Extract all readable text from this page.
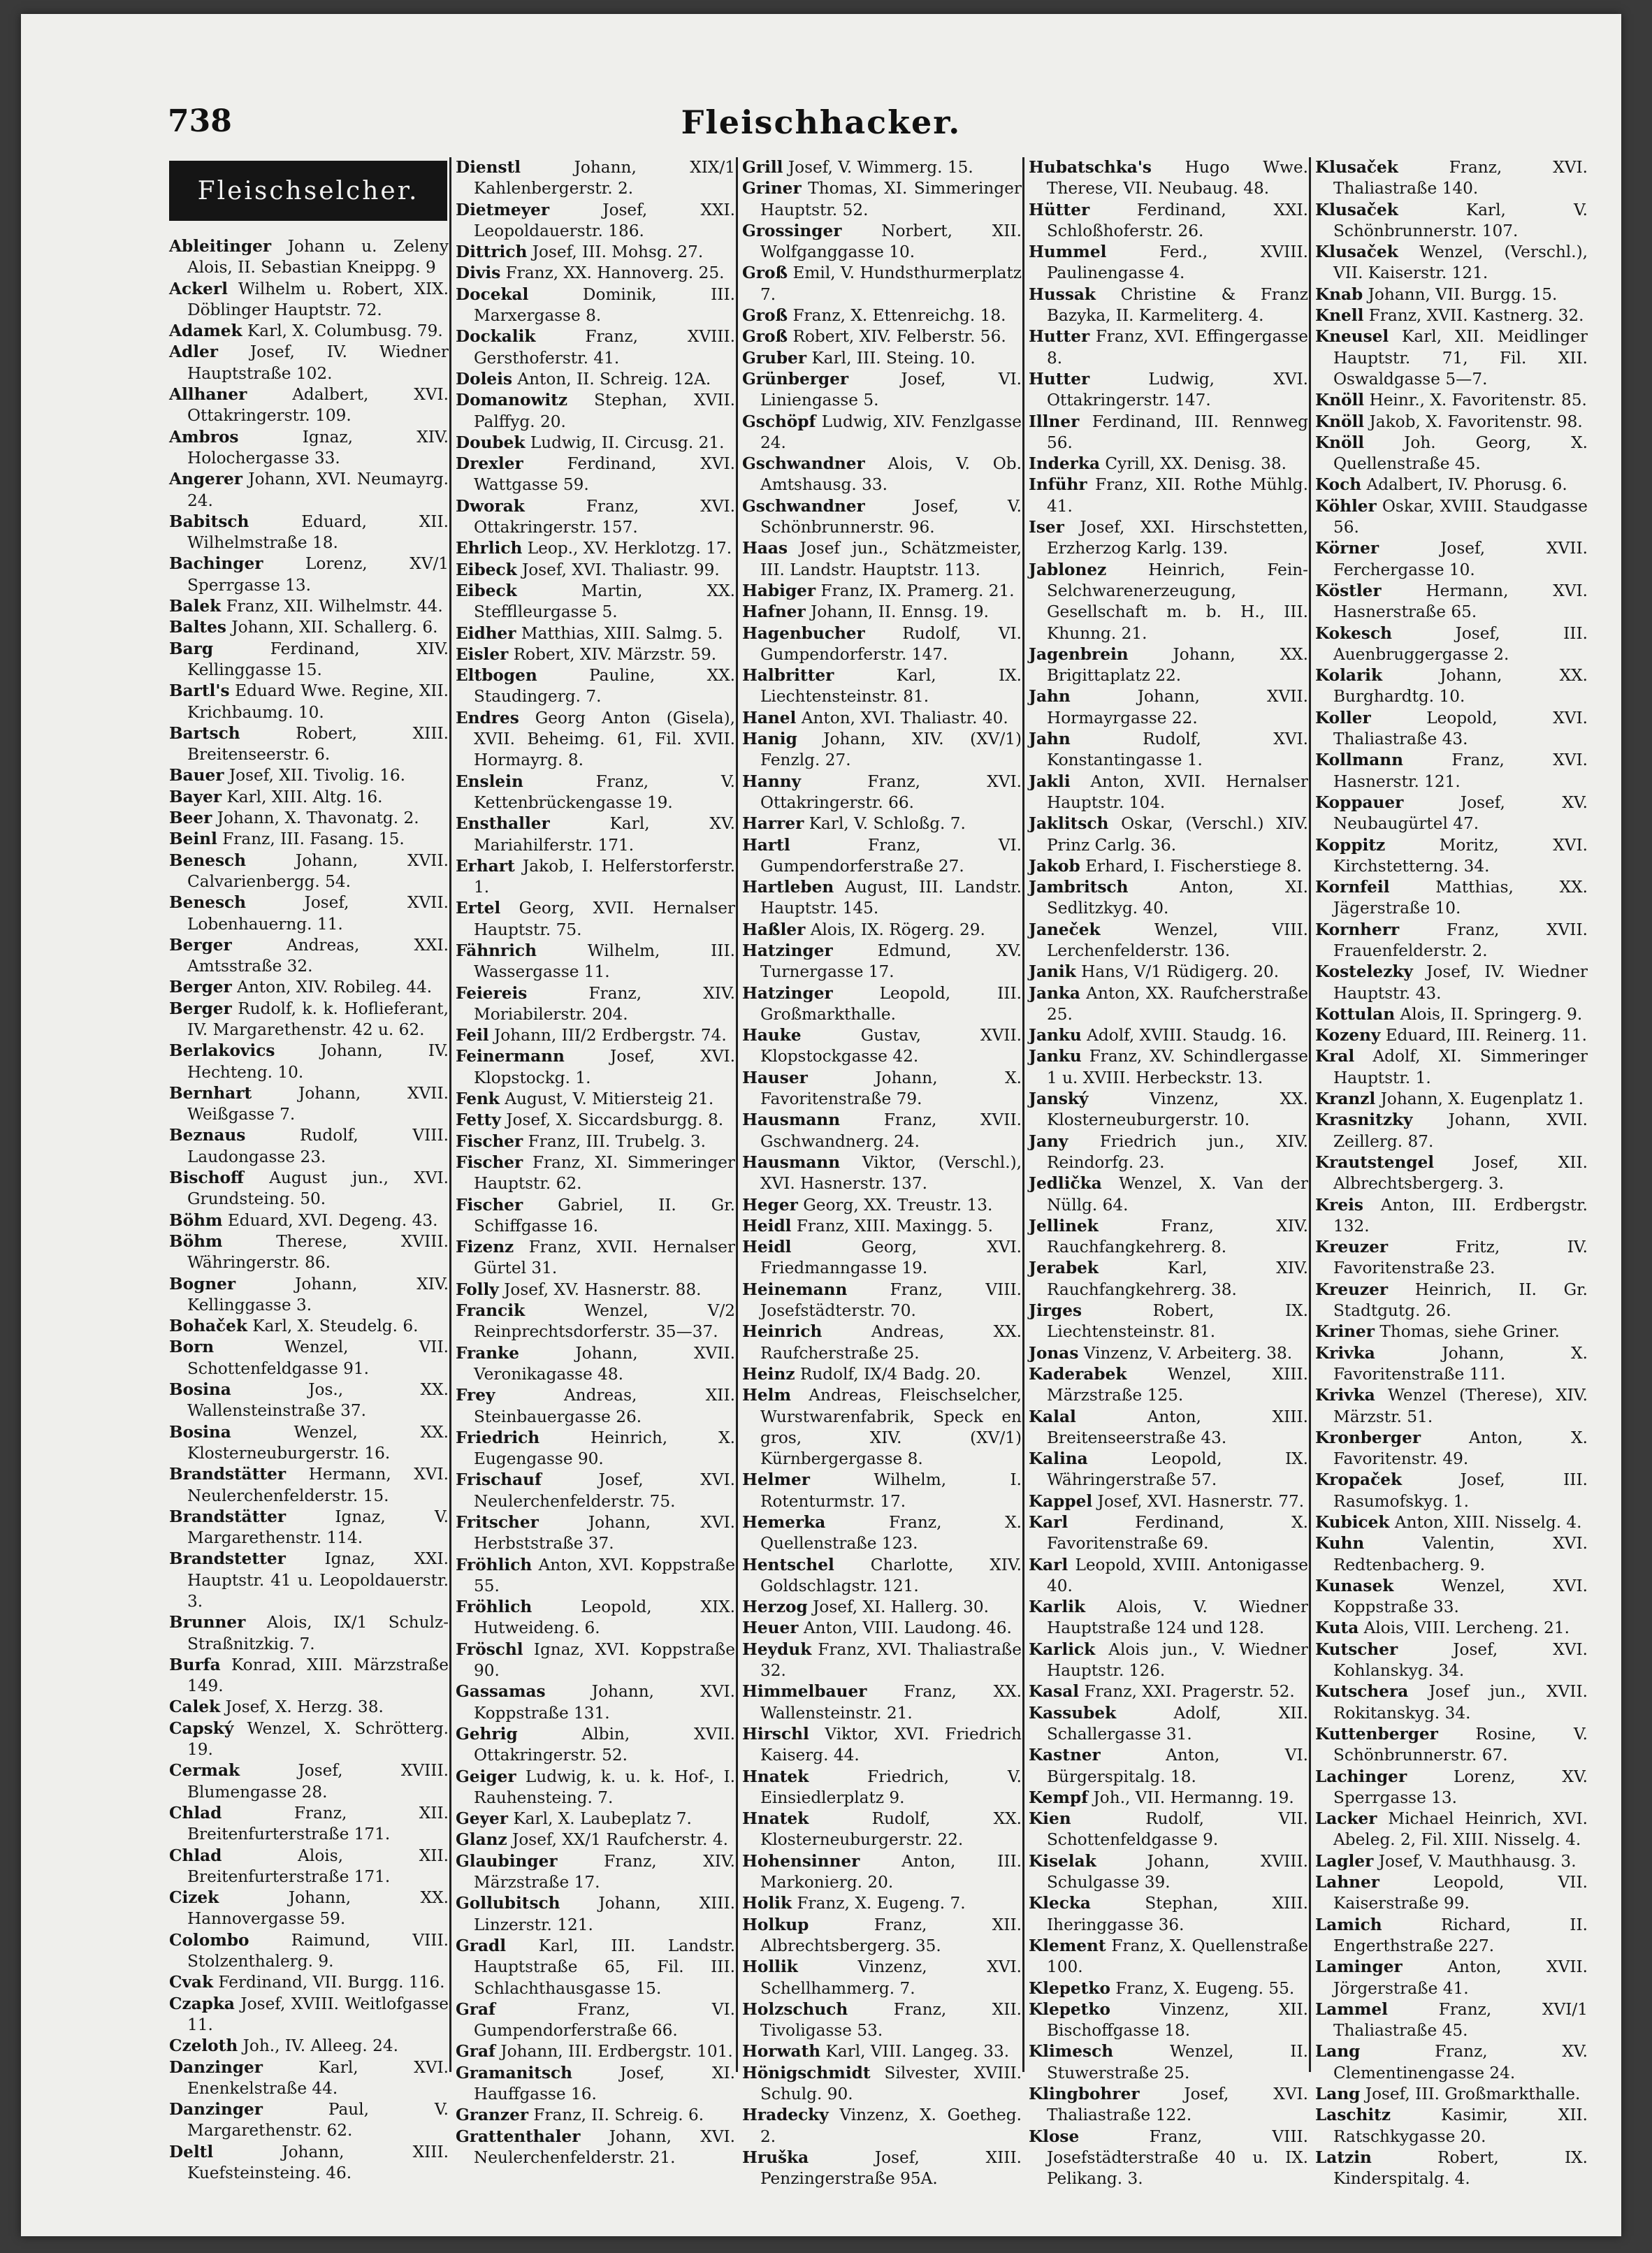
738	Fleischhacker.
Fleischselcher.
Ableitinger Johann u. Zeleny Alois, II. Sebastian Kneippg. 9
Ackerl Wilhelm u. Robert, XIX. Döblinger Hauptstr. 72.
Adamek Karl, X. Columbusg. 79.
Adler Josef, IV. Wiedner Hauptstraße 102.
Allhaner	Adalbert, XVI. Ottakringerstr. 109.
Ambros	Ignaz, XIV. Holochergasse 33.
Angerer Johann, XVI. Neumayrg. 24.
Babitsch	Eduard, XII. Wilhelmstraße 18.
Bachinger	Lorenz, XV/1 Sperrgasse 13.
Balek Franz, XII. Wilhelmstr. 44.
Baltes Johann, XII. Schallerg. 6.
Barg	Ferdinand, XIV. Kellinggasse 15.
Bartl's Eduard Wwe. Regine, XII. Krichbaumg. 10.
Bartsch	Robert, XIII. Breitenseerstr. 6.
Bauer Josef, XII. Tivolig. 16.
Bayer Karl, XIII. Altg. 16.
Beer Johann, X. Thavonatg. 2.
Beinl Franz, III. Fasang. 15.
Benesch	Johann, XVII. Calvarienbergg. 54.
Benesch	Josef, XVII. Lobenhauerng. 11.
Berger	Andreas, XXI. Amtsstraße 32.
Berger Anton, XIV. Robileg. 44.
Berger Rudolf, k. k. Hoflieferant, IV. Margarethenstr. 42 u. 62.
Berlakovics	Johann, IV. Hechteng. 10.
Bernhart	Johann, XVII. Weißgasse 7.
Beznaus	Rudolf, VIII. Laudongasse 23.
Bischoff August jun., XVI. Grundsteing. 50.
Böhm Eduard, XVI. Degeng. 43.
Böhm	Therese, XVIII. Währingerstr. 86.
Bogner	Johann, XIV. Kellinggasse 3.
Bohaček Karl, X. Steudelg. 6.
Born	Wenzel, VII. Schottenfeldgasse 91.
Bosina	Jos., XX. Wallensteinstraße 37.
Bosina	Wenzel, XX. Klosterneuburgerstr. 16.
Brandstätter Hermann, XVI. Neulerchenfelderstr. 15.
Brandstätter	Ignaz, V. Margarethenstr. 114.
Brandstetter Ignaz, XXI. Hauptstr. 41 u. Leopoldauerstr. 3.
Brunner Alois, IX/1 Schulz-Straßnitzkig. 7.
Burfa Konrad, XIII. Märzstraße 149.
Calek Josef, X. Herzg. 38.
Capský Wenzel, X. Schrötterg. 19.
Cermak	Josef, XVIII. Blumengasse 28.
Chlad	Franz, XII. Breitenfurterstraße 171.
Chlad	Alois, XII. Breitenfurterstraße 171.
Cizek	Johann, XX. Hannovergasse 59.
Colombo	Raimund, VIII. Stolzenthalerg. 9.
Cvak Ferdinand, VII. Burgg. 116.
Czapka Josef, XVIII. Weitlofgasse 11.
Czeloth Joh., IV. Alleeg. 24.
Danzinger	Karl, XVI. Enenkelstraße 44.
Danzinger	Paul, V. Margarethenstr. 62.
Deltl	Johann, XIII. Kuefsteinsteing. 46.
Dienstl	Johann, XIX/1 Kahlenbergerstr. 2.
Dietmeyer	Josef, XXI. Leopoldauerstr. 186.
Dittrich Josef, III. Mohsg. 27.
Divis Franz, XX. Hannoverg. 25.
Docekal	Dominik, III. Marxergasse 8.
Dockalik	Franz, XVIII. Gersthoferstr. 41.
Doleis Anton, II. Schreig. 12A.
Domanowitz Stephan, XVII. Palffyg. 20.
Doubek Ludwig, II. Circusg. 21.
Drexler	Ferdinand, XVI. Wattgasse 59.
Dworak	Franz, XVI. Ottakringerstr. 157.
Ehrlich Leop., XV. Herklotzg. 17.
Eibeck Josef, XVI. Thaliastr. 99.
Eibeck	Martin, XX. Stefflleurgasse 5.
Eidher Matthias, XIII. Salmg. 5.
Eisler Robert, XIV. Märzstr. 59.
Eltbogen	Pauline, XX. Staudingerg. 7.
Endres Georg Anton (Gisela), XVII. Beheimg. 61, Fil. XVII. Hormayrg. 8.
Enslein	Franz, V. Kettenbrückengasse 19.
Ensthaller	Karl, XV. Mariahilferstr. 171.
Erhart Jakob, I. Helferstorferstr. 1.
Ertel Georg, XVII. Hernalser Hauptstr. 75.
Fähnrich	Wilhelm, III. Wassergasse 11.
Feiereis	Franz, XIV. Moriabilerstr. 204.
Feil Johann, III/2 Erdbergstr. 74.
Feinermann	Josef, XVI. Klopstockg. 1.
Fenk August, V. Mitiersteig 21.
Fetty Josef, X. Siccardsburgg. 8.
Fischer Franz, III. Trubelg. 3.
Fischer Franz, XI. Simmeringer Hauptstr. 62.
Fischer Gabriel, II. Gr. Schiffgasse 16.
Fizenz Franz, XVII. Hernalser Gürtel 31.
Folly Josef, XV. Hasnerstr. 88.
Francik	Wenzel, V/2 Reinprechtsdorferstr. 35—37.
Franke	Johann, XVII. Veronikagasse 48.
Frey	Andreas, XII. Steinbauergasse 26.
Friedrich	Heinrich, X. Eugengasse 90.
Frischauf	Josef, XVI. Neulerchenfelderstr. 75.
Fritscher	Johann, XVI. Herbststraße 37.
Fröhlich Anton, XVI. Koppstraße 55.
Fröhlich	Leopold, XIX. Hutweideng. 6.
Fröschl Ignaz, XVI. Koppstraße 90.
Gassamas	Johann, XVI. Koppstraße 131.
Gehrig	Albin, XVII. Ottakringerstr. 52.
Geiger Ludwig, k. u. k. Hof-, I. Rauhensteing. 7.
Geyer Karl, X. Laubeplatz 7.
Glanz Josef, XX/1 Raufcherstr. 4.
Glaubinger	Franz, XIV. Märzstraße 17.
Gollubitsch Johann, XIII. Linzerstr. 121.
Gradl Karl, III. Landstr. Hauptstraße 65, Fil. III. Schlachthausgasse 15.
Graf	Franz, VI. Gumpendorferstraße 66.
Graf Johann, III. Erdbergstr. 101.
Gramanitsch	Josef, XI. Hauffgasse 16.
Granzer Franz, II. Schreig. 6.
Grattenthaler Johann, XVI. Neulerchenfelderstr. 21.
Grill Josef, V. Wimmerg. 15.
Griner Thomas, XI. Simmeringer Hauptstr. 52.
Grossinger Norbert, XII. Wolfganggasse 10.
Groß Emil, V. Hundsthurmerplatz 7.
Groß Franz, X. Ettenreichg. 18.
Groß Robert, XIV. Felberstr. 56.
Gruber Karl, III. Steing. 10.
Grünberger	Josef, VI. Liniengasse 5.
Gschöpf Ludwig, XIV. Fenzlgasse 24.
Gschwandner Alois, V. Ob. Amtshausg. 33.
Gschwandner	Josef, V. Schönbrunnerstr. 96.
Haas Josef jun., Schätzmeister, III. Landstr. Hauptstr. 113.
Habiger Franz, IX. Pramerg. 21.
Hafner Johann, II. Ennsg. 19.
Hagenbucher Rudolf, VI. Gumpendorferstr. 147.
Halbritter	Karl, IX. Liechtensteinstr. 81.
Hanel Anton, XVI. Thaliastr. 40.
Hanig Johann, XIV. (XV/1) Fenzlg. 27.
Hanny	Franz, XVI. Ottakringerstr. 66.
Harrer Karl, V. Schloßg. 7.
Hartl	Franz, VI. Gumpendorferstraße 27.
Hartleben August, III. Landstr. Hauptstr. 145.
Haßler Alois, IX. Rögerg. 29.
Hatzinger	Edmund, XV. Turnergasse 17.
Hatzinger	Leopold, III. Großmarkthalle.
Hauke	Gustav, XVII. Klopstockgasse 42.
Hauser	Johann, X. Favoritenstraße 79.
Hausmann	Franz, XVII. Gschwandnerg. 24.
Hausmann Viktor, (Verschl.), XVI. Hasnerstr. 137.
Heger Georg, XX. Treustr. 13.
Heidl Franz, XIII. Maxingg. 5.
Heidl	Georg, XVI. Friedmanngasse 19.
Heinemann	Franz, VIII. Josefstädterstr. 70.
Heinrich	Andreas, XX. Raufcherstraße 25.
Heinz Rudolf, IX/4 Badg. 20.
Helm Andreas, Fleischselcher, Wurstwarenfabrik, Speck en gros, XIV. (XV/1) Kürnbergergasse 8.
Helmer	Wilhelm, I. Rotenturmstr. 17.
Hemerka	Franz, X. Quellenstraße 123.
Hentschel Charlotte, XIV. Goldschlagstr. 121.
Herzog Josef, XI. Hallerg. 30.
Heuer Anton, VIII. Laudong. 46.
Heyduk Franz, XVI. Thaliastraße 32.
Himmelbauer Franz, XX. Wallensteinstr. 21.
Hirschl Viktor, XVI. Friedrich Kaiserg. 44.
Hnatek	Friedrich, V. Einsiedlerplatz 9.
Hnatek	Rudolf, XX. Klosterneuburgerstr. 22.
Hohensinner	Anton, III. Markonierg. 20.
Holik Franz, X. Eugeng. 7.
Holkup	Franz, XII. Albrechtsbergerg. 35.
Hollik	Vinzenz, XVI. Schellhammerg. 7.
Holzschuch	Franz, XII. Tivoligasse 53.
Horwath Karl, VIII. Langeg. 33.
Hönigschmidt Silvester, XVIII. Schulg. 90.
Hradecky Vinzenz, X. Goetheg. 2.
Hruška	Josef, XIII. Penzingerstraße 95A.
Hubatschka's Hugo Wwe. Therese, VII. Neubaug. 48.
Hütter	Ferdinand, XXI. Schloßhoferstr. 26.
Hummel	Ferd., XVIII. Paulinengasse 4.
Hussak Christine & Franz Bazyka, II. Karmeliterg. 4.
Hutter Franz, XVI. Effingergasse 8.
Hutter	Ludwig, XVI. Ottakringerstr. 147.
Illner Ferdinand, III. Rennweg 56.
Inderka Cyrill, XX. Denisg. 38.
Inführ Franz, XII. Rothe Mühlg. 41.
Iser Josef, XXI. Hirschstetten, Erzherzog Karlg. 139.
Jablonez	Heinrich, Fein-Selchwarenerzeugung, Gesellschaft m. b. H., III. Khunng. 21.
Jagenbrein	Johann, XX. Brigittaplatz 22.
Jahn	Johann, XVII. Hormayrgasse 22.
Jahn	Rudolf, XVI. Konstantingasse 1.
Jakli Anton, XVII. Hernalser Hauptstr. 104.
Jaklitsch Oskar, (Verschl.) XIV. Prinz Carlg. 36.
Jakob Erhard, I. Fischerstiege 8.
Jambritsch	Anton, XI. Sedlitzkyg. 40.
Janeček	Wenzel, VIII. Lerchenfelderstr. 136.
Janik Hans, V/1 Rüdigerg. 20.
Janka Anton, XX. Raufcherstraße 25.
Janku Adolf, XVIII. Staudg. 16.
Janku Franz, XV. Schindlergasse 1 u. XVIII. Herbeckstr. 13.
Janský	Vinzenz, XX. Klosterneuburgerstr. 10.
Jany Friedrich jun., XIV. Reindorfg. 23.
Jedlička Wenzel, X. Van der Nüllg. 64.
Jellinek	Franz, XIV. Rauchfangkehrerg. 8.
Jerabek	Karl, XIV. Rauchfangkehrerg. 38.
Jirges	Robert, IX. Liechtensteinstr. 81.
Jonas Vinzenz, V. Arbeiterg. 38.
Kaderabek	Wenzel, XIII. Märzstraße 125.
Kalal	Anton, XIII. Breitenseerstraße 43.
Kalina	Leopold, IX. Währingerstraße 57.
Kappel Josef, XVI. Hasnerstr. 77.
Karl	Ferdinand, X. Favoritenstraße 69.
Karl Leopold, XVIII. Antonigasse 40.
Karlik Alois, V. Wiedner Hauptstraße 124 und 128.
Karlick Alois jun., V. Wiedner Hauptstr. 126.
Kasal Franz, XXI. Pragerstr. 52.
Kassubek	Adolf, XII. Schallergasse 31.
Kastner	Anton, VI. Bürgerspitalg. 18.
Kempf Joh., VII. Hermanng. 19.
Kien	Rudolf, VII. Schottenfeldgasse 9.
Kiselak	Johann, XVIII. Schulgasse 39.
Klecka	Stephan, XIII. Iheringgasse 36.
Klement Franz, X. Quellenstraße 100.
Klepetko Franz, X. Eugeng. 55.
Klepetko	Vinzenz, XII. Bischoffgasse 18.
Klimesch	Wenzel, II. Stuwerstraße 25.
Klingbohrer	Josef, XVI. Thaliastraße 122.
Klose	Franz, VIII. Josefstädterstraße 40 u. IX. Pelikang. 3.
Klusaček	Franz, XVI. Thaliastraße 140.
Klusaček	Karl, V. Schönbrunnerstr. 107.
Klusaček Wenzel, (Verschl.), VII. Kaiserstr. 121.
Knab Johann, VII. Burgg. 15.
Knell Franz, XVII. Kastnerg. 32.
Kneusel Karl, XII. Meidlinger Hauptstr. 71, Fil. XII. Oswaldgasse 5—7.
Knöll Heinr., X. Favoritenstr. 85.
Knöll Jakob, X. Favoritenstr. 98.
Knöll Joh. Georg, X. Quellenstraße 45.
Koch Adalbert, IV. Phorusg. 6.
Köhler Oskar, XVIII. Staudgasse 56.
Körner	Josef, XVII. Ferchergasse 10.
Köstler	Hermann, XVI. Hasnerstraße 65.
Kokesch	Josef, III. Auenbruggergasse 2.
Kolarik	Johann, XX. Burghardtg. 10.
Koller	Leopold, XVI. Thaliastraße 43.
Kollmann	Franz, XVI. Hasnerstr. 121.
Koppauer	Josef, XV. Neubaugürtel 47.
Koppitz	Moritz, XVI. Kirchstetterng. 34.
Kornfeil	Matthias, XX. Jägerstraße 10.
Kornherr	Franz, XVII. Frauenfelderstr. 2.
Kostelezky Josef, IV. Wiedner Hauptstr. 43.
Kottulan Alois, II. Springerg. 9.
Kozeny Eduard, III. Reinerg. 11.
Kral Adolf, XI. Simmeringer Hauptstr. 1.
Kranzl Johann, X. Eugenplatz 1.
Krasnitzky Johann, XVII. Zeillerg. 87.
Krautstengel Josef, XII. Albrechtsbergerg. 3.
Kreis Anton, III. Erdbergstr. 132.
Kreuzer	Fritz, IV. Favoritenstraße 23.
Kreuzer Heinrich, II. Gr. Stadtgutg. 26.
Kriner Thomas, siehe Griner.
Krivka	Johann, X. Favoritenstraße 111.
Krivka Wenzel (Therese), XIV. Märzstr. 51.
Kronberger	Anton, X. Favoritenstr. 49.
Kropaček	Josef, III. Rasumofskyg. 1.
Kubicek Anton, XIII. Nisselg. 4.
Kuhn	Valentin, XVI. Redtenbacherg. 9.
Kunasek	Wenzel, XVI. Koppstraße 33.
Kuta Alois, VIII. Lercheng. 21.
Kutscher	Josef, XVI. Kohlanskyg. 34.
Kutschera Josef jun., XVII. Rokitanskyg. 34.
Kuttenberger Rosine, V. Schönbrunnerstr. 67.
Lachinger	Lorenz, XV. Sperrgasse 13.
Lacker Michael Heinrich, XVI. Abeleg. 2, Fil. XIII. Nisselg. 4.
Lagler Josef, V. Mauthhausg. 3.
Lahner	Leopold, VII. Kaiserstraße 99.
Lamich	Richard, II. Engerthstraße 227.
Laminger	Anton, XVII. Jörgerstraße 41.
Lammel	Franz, XVI/1 Thaliastraße 45.
Lang	Franz, XV. Clementinengasse 24.
Lang Josef, III. Großmarkthalle.
Laschitz	Kasimir, XII. Ratschkygasse 20.
Latzin	Robert, IX. Kinderspitalg. 4.
